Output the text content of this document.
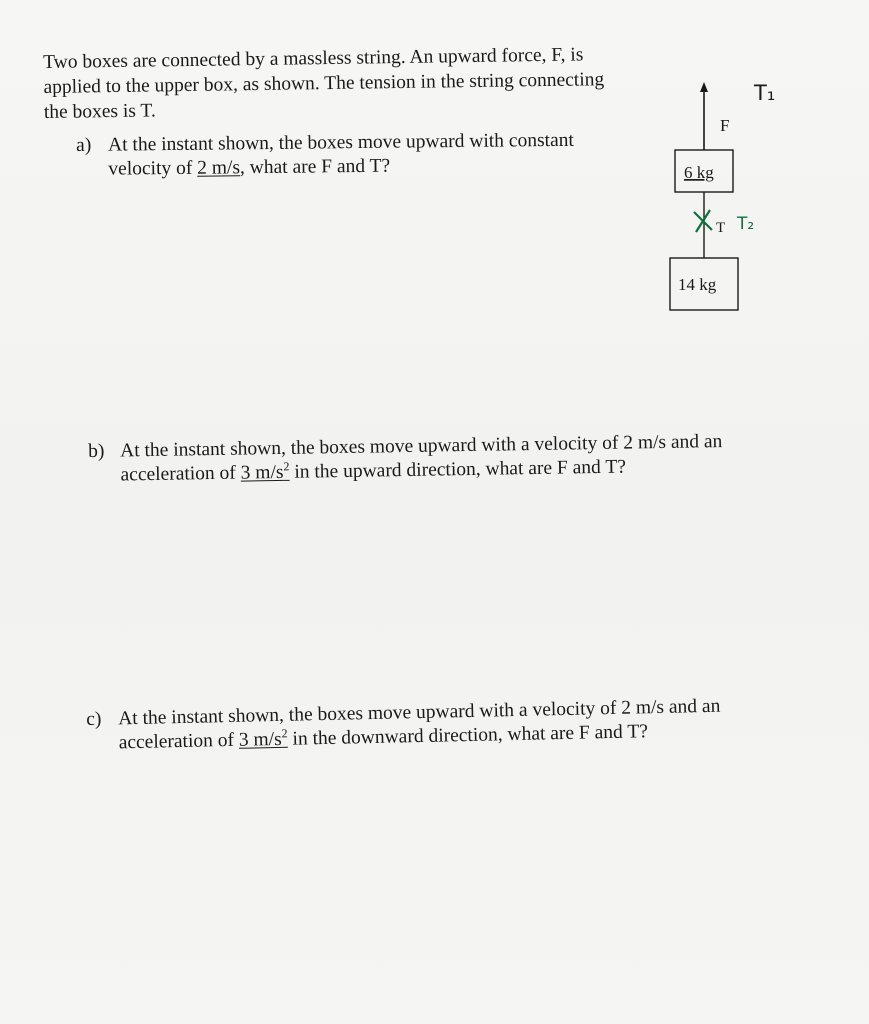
Two boxes are connected by a massless string. An upward force, F, is

applied to the upper box, as shown. The tension in the string connecting

the boxes is T.

a) At the instant shown, the boxes move upward with constant
velocity of 2 m/s, what are F and T?
F
6 kg
T T₂
14 kg
T₁
b) At the instant shown, the boxes move upward with a velocity of 2 m/s and an
acceleration of 3 $m/s^2$ in the upward direction, what are F and T?
c) At the instant shown, the boxes move upward with a velocity of 2 m/s and an
acceleration of 3 $m/s^2$ in the downward direction, what are F and T?
